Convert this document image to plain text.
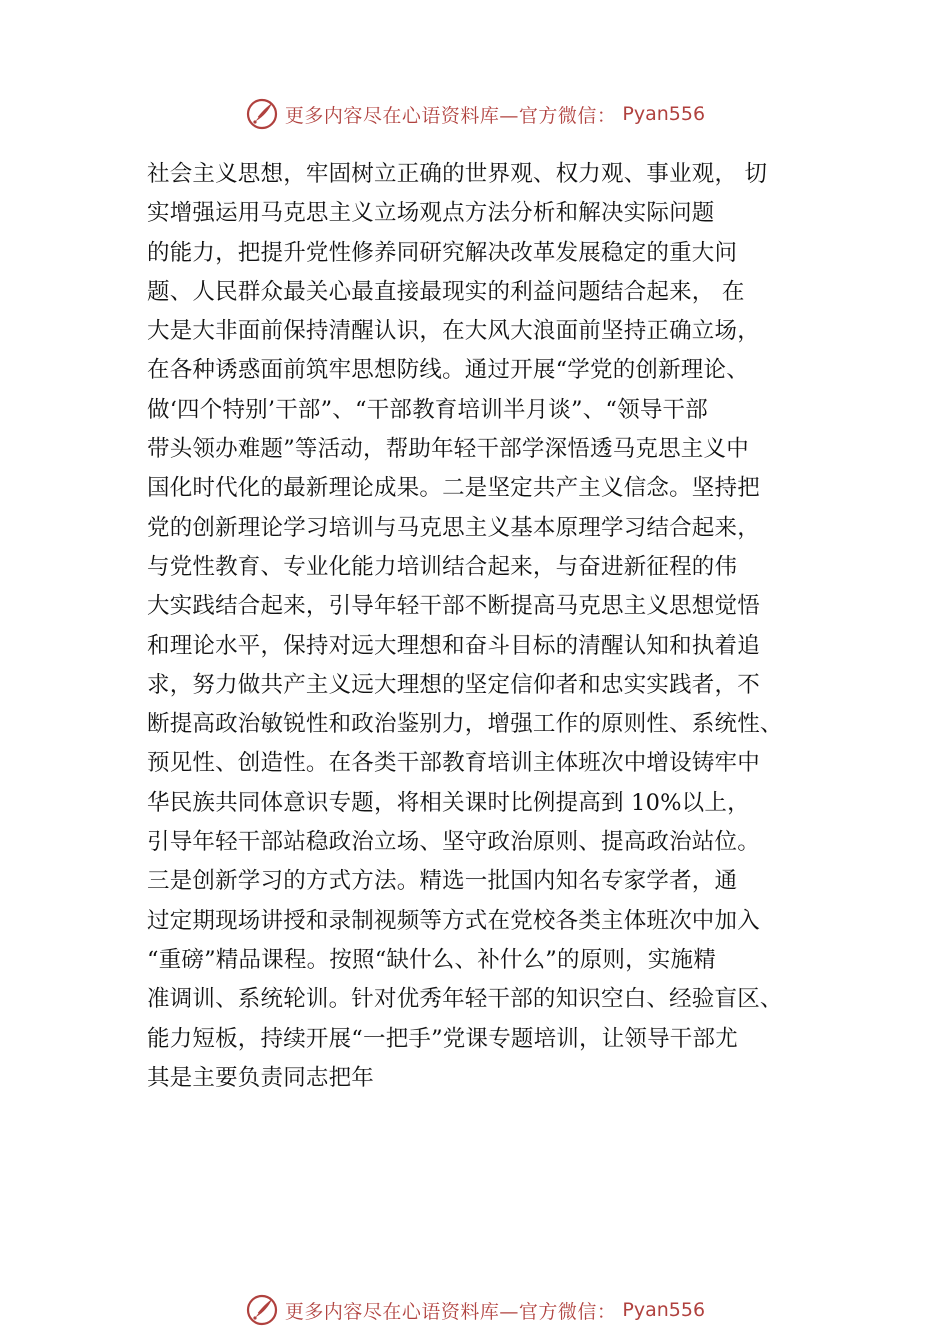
更多内容尽在心语资料库—官方微信： Pyan556
社会主义思想，牢固树立正确的世界观、权力观、事业观， 切
实增强运用马克思主义立场观点方法分析和解决实际问题
的能力，把提升党性修养同研究解决改革发展稳定的重大问
题、人民群众最关心最直接最现实的利益问题结合起来， 在
大是大非面前保持清醒认识，在大风大浪面前坚持正确立场，
在各种诱惑面前筑牢思想防线。通过开展“学党的创新理论、
做‘四个特别’干部”、“干部教育培训半月谈”、“领导干部
带头领办难题”等活动，帮助年轻干部学深悟透马克思主义中
国化时代化的最新理论成果。二是坚定共产主义信念。坚持把
党的创新理论学习培训与马克思主义基本原理学习结合起来，
与党性教育、专业化能力培训结合起来，与奋进新征程的伟
大实践结合起来，引导年轻干部不断提高马克思主义思想觉悟
和理论水平，保持对远大理想和奋斗目标的清醒认知和执着追
求，努力做共产主义远大理想的坚定信仰者和忠实实践者，不
断提高政治敏锐性和政治鉴别力，增强工作的原则性、系统性、
预见性、创造性。在各类干部教育培训主体班次中增设铸牢中
华民族共同体意识专题，将相关课时比例提高到 10%以上，
引导年轻干部站稳政治立场、坚守政治原则、提高政治站位。
三是创新学习的方式方法。精选一批国内知名专家学者，通
过定期现场讲授和录制视频等方式在党校各类主体班次中加入
“重磅”精品课程。按照“缺什么、补什么”的原则，实施精
准调训、系统轮训。针对优秀年轻干部的知识空白、经验盲区、
能力短板，持续开展“一把手”党课专题培训，让领导干部尤
其是主要负责同志把年
更多内容尽在心语资料库—官方微信： Pyan556
